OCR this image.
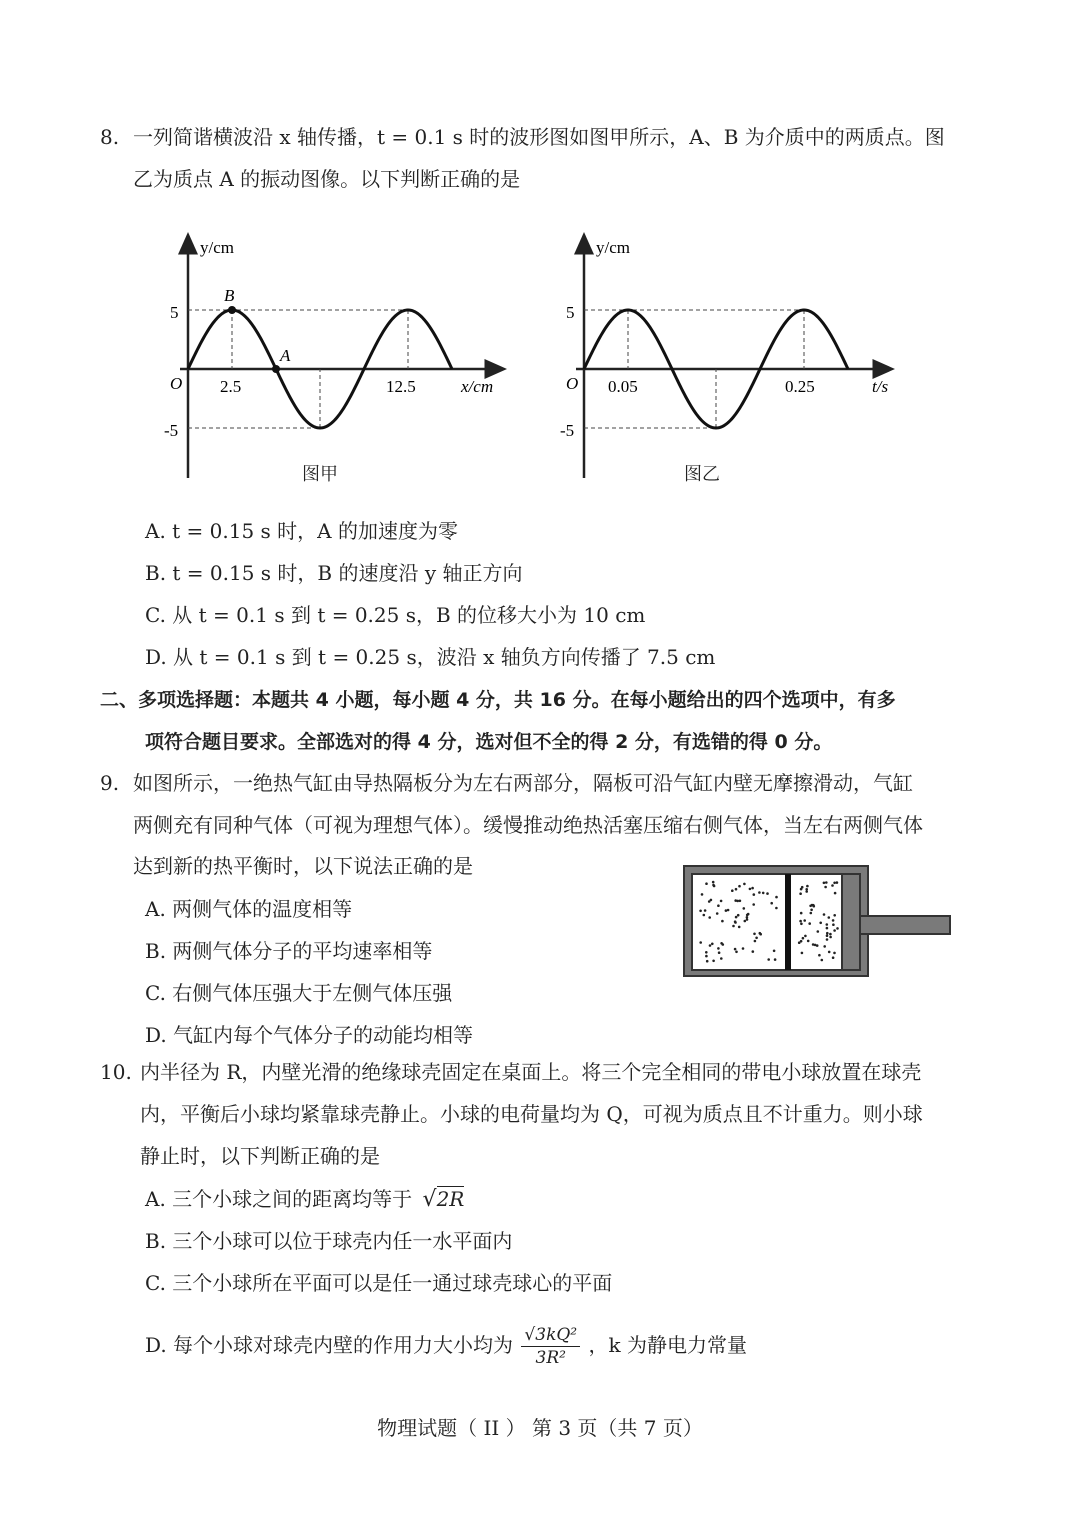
8. 一列简谐横波沿 x 轴传播，t = 0.1 s 时的波形图如图甲所示，A、B 为介质中的两质点。图
乙为质点 A 的振动图像。以下判断正确的是
y/cm
x/cm
O
5
-5
2.5	12.5
B
A
图甲
y/cm
t/s
O
5
-5
0.05	0.25
图乙
A. t = 0.15 s 时，A 的加速度为零
B. t = 0.15 s 时，B 的速度沿 y 轴正方向
C. 从 t = 0.1 s 到 t = 0.25 s，B 的位移大小为 10 cm
D. 从 t = 0.1 s 到 t = 0.25 s，波沿 x 轴负方向传播了 7.5 cm
二、多项选择题：本题共 4 小题，每小题 4 分，共 16 分。在每小题给出的四个选项中，有多
项符合题目要求。全部选对的得 4 分，选对但不全的得 2 分，有选错的得 0 分。
9. 如图所示，一绝热气缸由导热隔板分为左右两部分，隔板可沿气缸内壁无摩擦滑动，气缸
两侧充有同种气体（可视为理想气体）。缓慢推动绝热活塞压缩右侧气体，当左右两侧气体
达到新的热平衡时，以下说法正确的是
A. 两侧气体的温度相等
B. 两侧气体分子的平均速率相等
C. 右侧气体压强大于左侧气体压强
D. 气缸内每个气体分子的动能均相等
10. 内半径为 R，内壁光滑的绝缘球壳固定在桌面上。将三个完全相同的带电小球放置在球壳
内，平衡后小球均紧靠球壳静止。小球的电荷量均为 Q，可视为质点且不计重力。则小球
静止时，以下判断正确的是
A. 三个小球之间的距离均等于 √2R
B. 三个小球可以位于球壳内任一水平面内
C. 三个小球所在平面可以是任一通过球壳球心的平面
D. 每个小球对球壳内壁的作用力大小均为 $\frac{\text{√3kQ²}}{\text{3R²}}$ ，k 为静电力常量
物理试题（ II ） 第 3 页（共 7 页）
